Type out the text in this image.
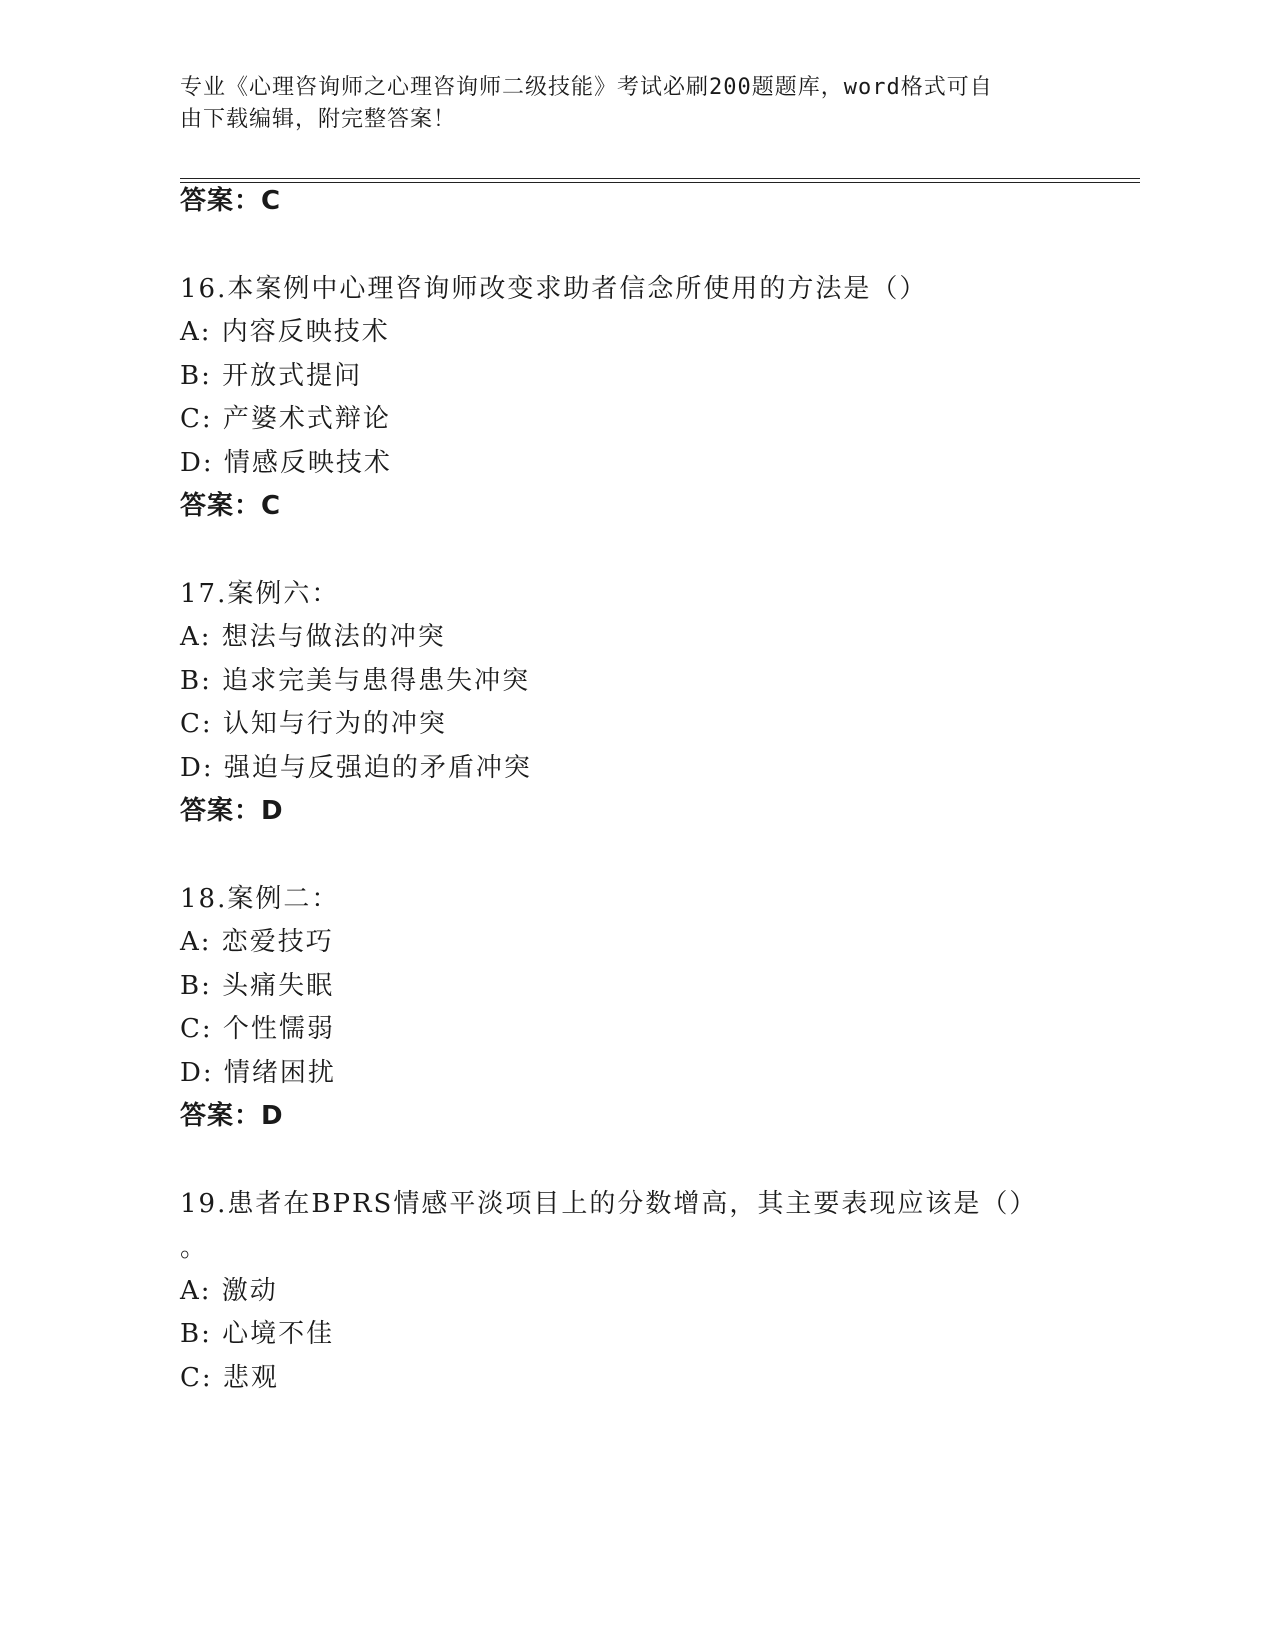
专业《心理咨询师之心理咨询师二级技能》考试必刷200题题库，word格式可自
由下载编辑，附完整答案！
答案：C
16.本案例中心理咨询师改变求助者信念所使用的方法是（）
A: 内容反映技术
B: 开放式提问
C: 产婆术式辩论
D: 情感反映技术
答案：C
17.案例六：
A: 想法与做法的冲突
B: 追求完美与患得患失冲突
C: 认知与行为的冲突
D: 强迫与反强迫的矛盾冲突
答案：D
18.案例二：
A: 恋爱技巧
B: 头痛失眠
C: 个性懦弱
D: 情绪困扰
答案：D
19.患者在BPRS情感平淡项目上的分数增高，其主要表现应该是（）
。
A: 激动
B: 心境不佳
C: 悲观
